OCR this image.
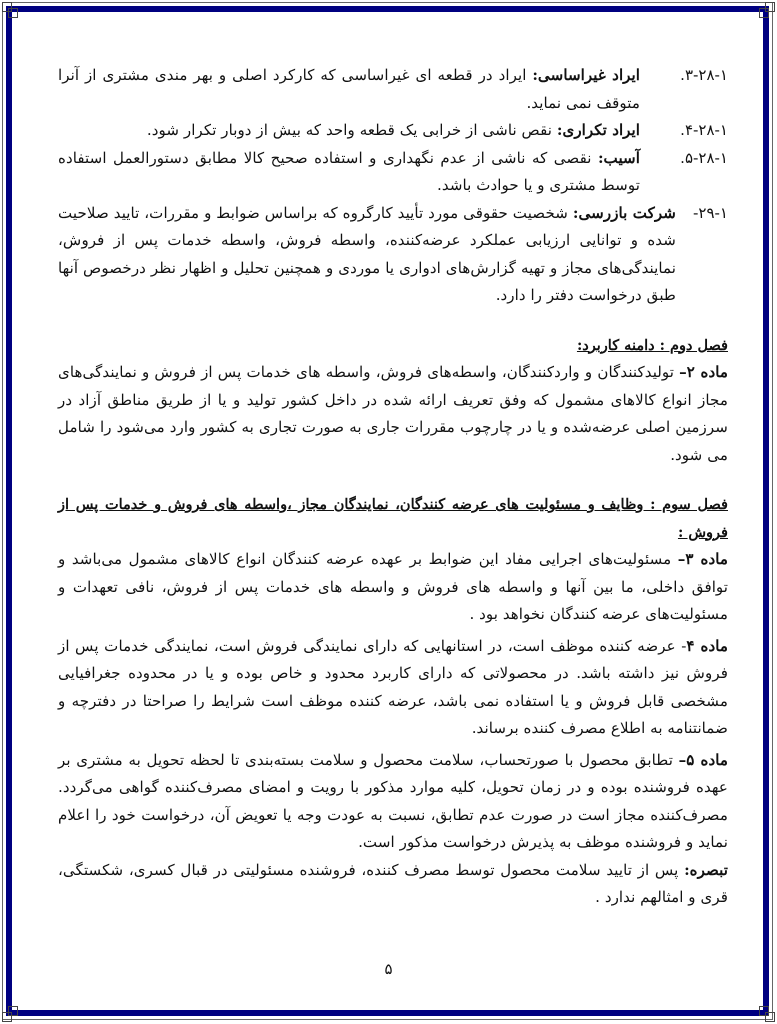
۳-۲۸-۱.
ایراد غیراساسی: ایراد در قطعه ای غیراساسی که کارکرد اصلی و بهر مندی مشتری از آنرا متوقف نمی نماید.

۴-۲۸-۱.
ایراد تکراری: نقص ناشی از خرابی یک قطعه واحد که بیش از دوبار تکرار شود.

۵-۲۸-۱.
آسیب: نقصی که ناشی از عدم نگهداری و استفاده صحیح کالا مطابق دستورالعمل استفاده توسط مشتری و یا حوادث باشد.

۲۹-۱-
شرکت بازرسی: شخصیت حقوقی مورد تأیید کارگروه که براساس ضوابط و مقررات، تایید صلاحیت شده و توانایی ارزیابی عملکرد عرضه‌کننده، واسطه فروش، واسطه خدمات پس از فروش، نمایندگی‌های مجاز و تهیه گزارش‌های ادواری یا موردی و همچنین تحلیل و اظهار نظر درخصوص آنها طبق درخواست دفتر را دارد.

فصل دوم : دامنه کاربرد:

ماده ۲– تولیدکنندگان و واردکنندگان، واسطه‌های فروش، واسطه های خدمات پس از فروش و نمایندگی‌های مجاز انواع کالاهای مشمول که وفق تعریف ارائه شده در داخل کشور تولید و یا از طریق مناطق آزاد در سرزمین اصلی عرضه‌شده و یا در چارچوب مقررات جاری به صورت تجاری به کشور وارد می‌شود را شامل می شود.

فصل سوم : وظایف و مسئولیت های عرضه کنندگان، نمایندگان مجاز ،واسطه های فروش و خدمات پس از فروش :

ماده ۳– مسئولیت‌های اجرایی مفاد این ضوابط بر عهده عرضه کنندگان انواع کالاهای مشمول می‌باشد و توافق داخلی، ما بین آنها و واسطه های فروش و واسطه های خدمات پس از فروش، نافی تعهدات و مسئولیت‌های عرضه کنندگان نخواهد بود .

ماده ۴- عرضه کننده موظف است، در استانهایی که دارای نمایندگی فروش است، نمایندگی خدمات پس از فروش نیز داشته باشد. در محصولاتی که دارای کاربرد محدود و خاص بوده و یا در محدوده جغرافیایی مشخصی قابل فروش و یا استفاده نمی باشد، عرضه کننده موظف است شرایط را صراحتا در دفترچه و ضمانتنامه به اطلاع مصرف کننده برساند.

ماده ۵– تطابق محصول با صورتحساب، سلامت محصول و سلامت بسته‌بندی تا لحظه تحویل به مشتری بر عهده فروشنده بوده و در زمان تحویل، کلیه موارد مذکور با رویت و امضای مصرف‌کننده گواهی می‌گردد. مصرف‌کننده مجاز است در صورت عدم تطابق، نسبت به عودت وجه یا تعویض آن، درخواست خود را اعلام نماید و فروشنده موظف به پذیرش درخواست مذکور است.

تبصره: پس از تایید سلامت محصول توسط مصرف کننده، فروشنده مسئولیتی در قبال کسری، شکستگی، قری و امثالهم ندارد .

۵
